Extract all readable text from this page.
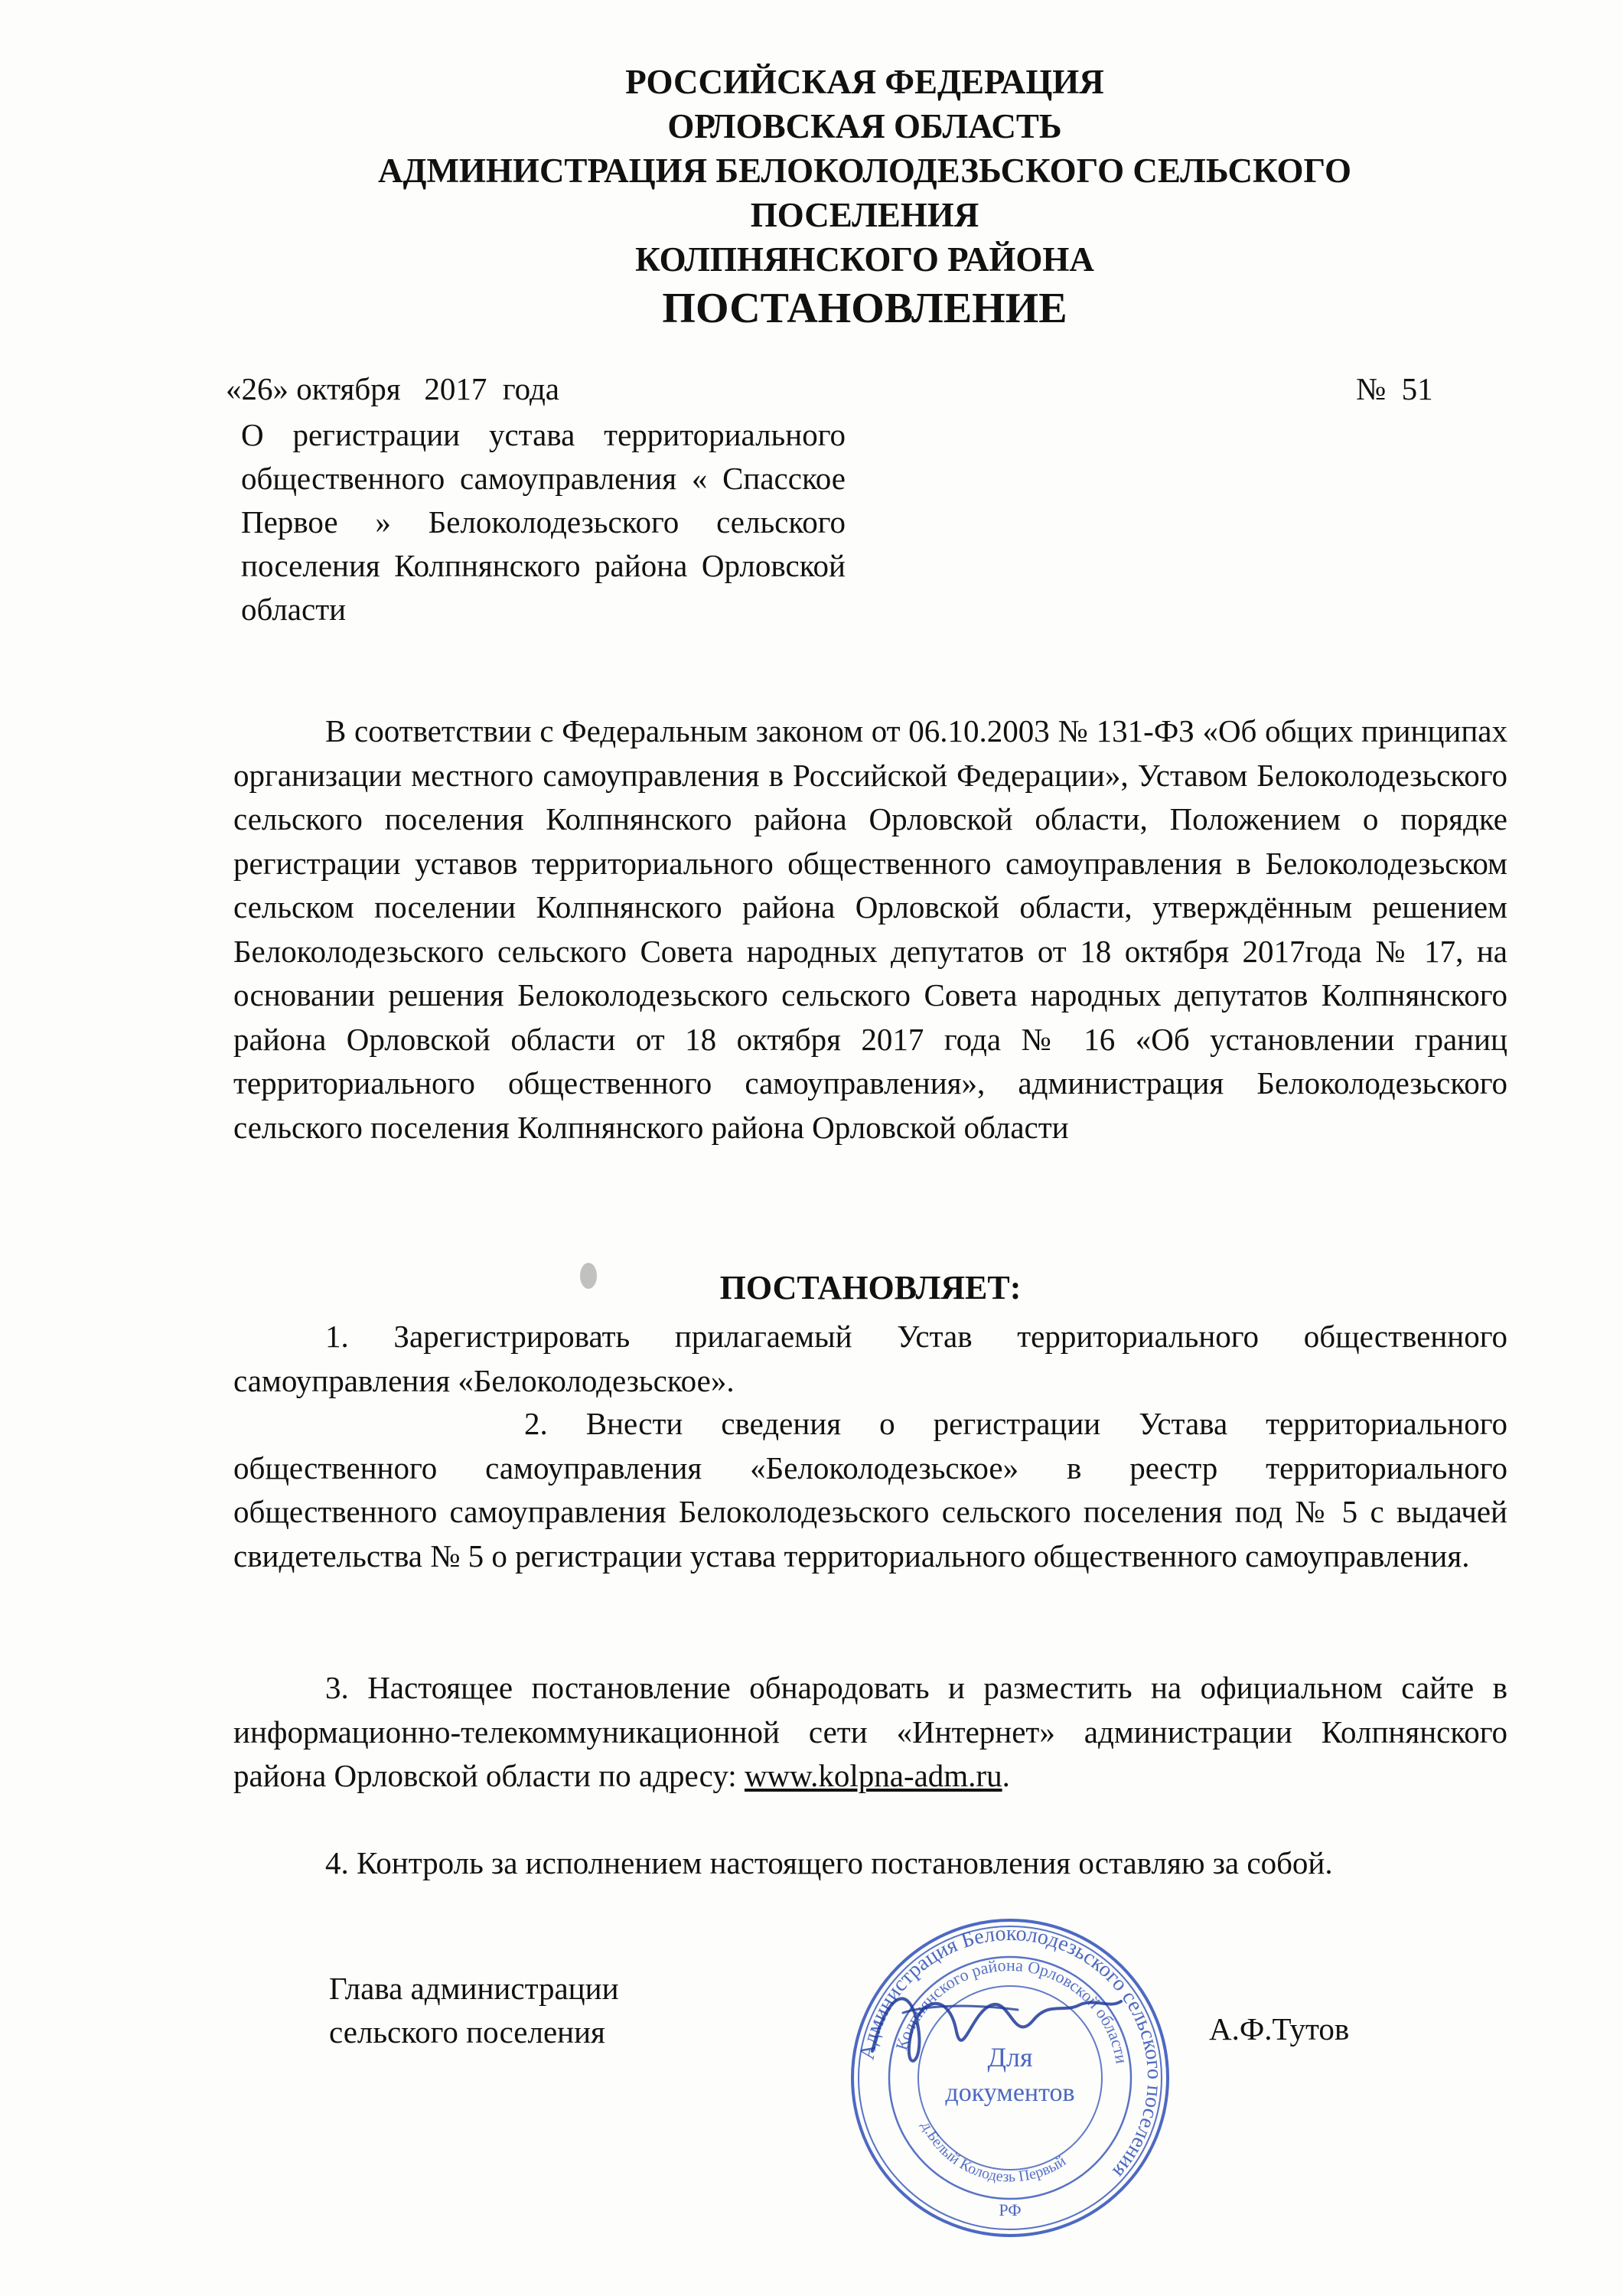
РОССИЙСКАЯ ФЕДЕРАЦИЯ
ОРЛОВСКАЯ ОБЛАСТЬ
АДМИНИСТРАЦИЯ БЕЛОКОЛОДЕЗЬСКОГО СЕЛЬСКОГО
ПОСЕЛЕНИЯ
КОЛПНЯНСКОГО РАЙОНА
ПОСТАНОВЛЕНИЕ
«26» октября   2017  года	№  51
О регистрации устава территориального общественного самоуправления « Спасское Первое » Белоколодезьского сельского поселения Колпнянского района Орловской области
В соответствии с Федеральным законом от 06.10.2003 № 131-ФЗ «Об общих принципах организации местного самоуправления в Российской Федерации», Уставом Белоколодезьского сельского поселения Колпнянского района Орловской области, Положением о порядке регистрации уставов территориального общественного самоуправления в Белоколодезьском сельском поселении Колпнянского района Орловской области, утверждённым решением Белоколодезьского сельского Совета народных депутатов от 18 октября 2017года № 17, на основании решения Белоколодезьского сельского Совета народных депутатов Колпнянского района Орловской области от 18 октября 2017 года № 16 «Об установлении границ территориального общественного самоуправления», администрация Белоколодезьского сельского поселения Колпнянского района Орловской области
ПОСТАНОВЛЯЕТ:
1. Зарегистрировать прилагаемый Устав территориального общественного самоуправления «Белоколодезьское».
2. Внести сведения о регистрации Устава территориального общественного самоуправления «Белоколодезьское» в реестр территориального общественного самоуправления Белоколодезьского сельского поселения под № 5 с выдачей свидетельства № 5 о регистрации устава территориального общественного самоуправления.
3. Настоящее постановление обнародовать и разместить на официальном сайте в информационно-телекоммуникационной сети «Интернет» администрации Колпнянского района Орловской области по адресу: www.kolpna-adm.ru.
4. Контроль за исполнением настоящего постановления оставляю за собой.
Глава администрации
сельского поселения	А.Ф.Тутов
Администрация Белоколодезьского сельского поселения
Колпнянского района Орловской области
д.Белый Колодезь Первый
Для
документов
РФ
